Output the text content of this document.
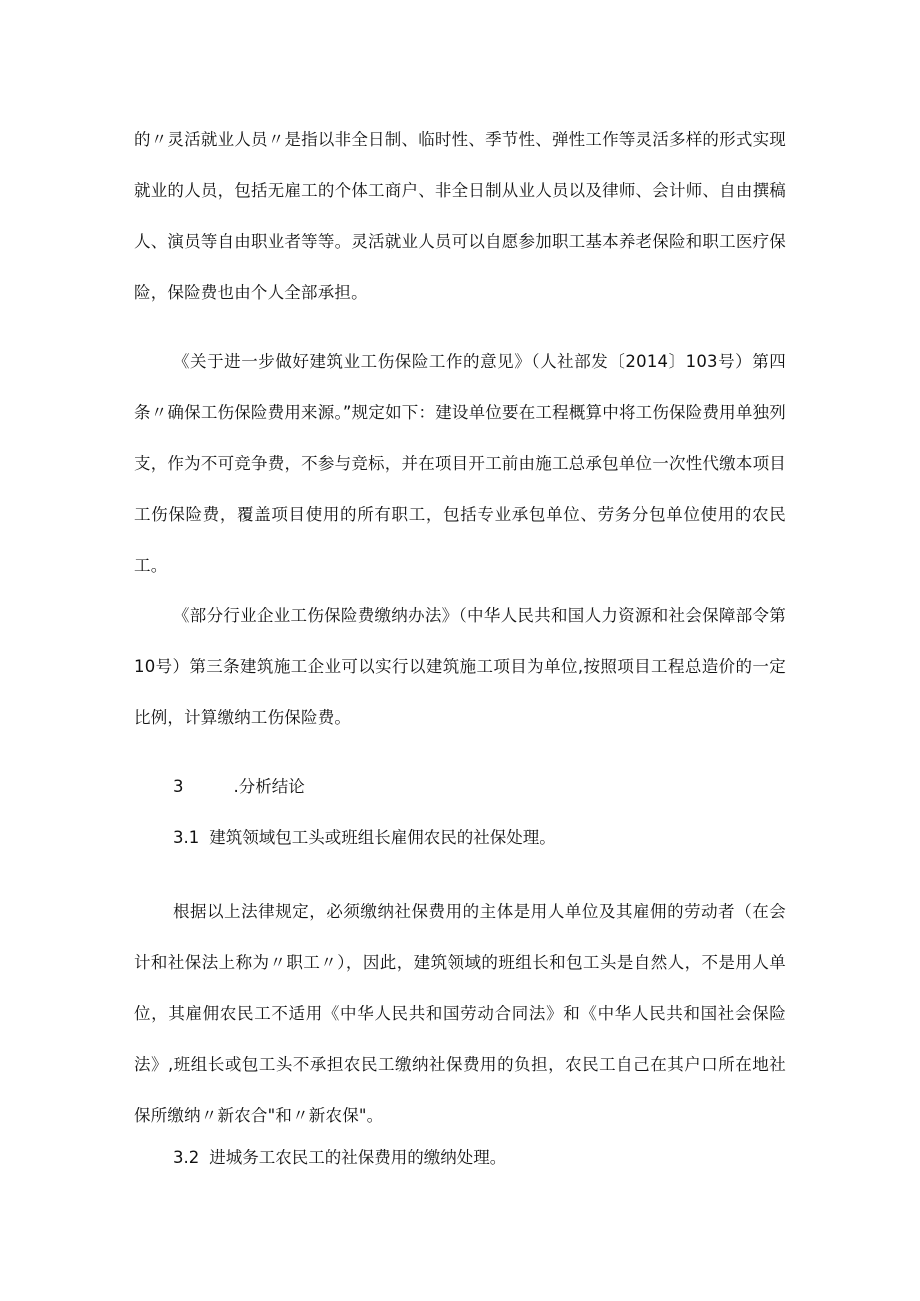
的〃灵活就业人员〃是指以非全日制、临时性、季节性、弹性工作等灵活多样的形式实现就业的人员，包括无雇工的个体工商户、非全日制从业人员以及律师、会计师、自由撰稿人、演员等自由职业者等等。灵活就业人员可以自愿参加职工基本养老保险和职工医疗保险，保险费也由个人全部承担。

《关于进一步做好建筑业工伤保险工作的意见》（人社部发〔2014〕103号）第四条〃确保工伤保险费用来源。”规定如下：建设单位要在工程概算中将工伤保险费用单独列支，作为不可竞争费，不参与竞标，并在项目开工前由施工总承包单位一次性代缴本项目工伤保险费，覆盖项目使用的所有职工，包括专业承包单位、劳务分包单位使用的农民工。

《部分行业企业工伤保险费缴纳办法》（中华人民共和国人力资源和社会保障部令第10号）第三条建筑施工企业可以实行以建筑施工项目为单位,按照项目工程总造价的一定比例，计算缴纳工伤保险费。

3	.分析结论
3.1 建筑领域包工头或班组长雇佣农民的社保处理。

根据以上法律规定，必须缴纳社保费用的主体是用人单位及其雇佣的劳动者（在会计和社保法上称为〃职工〃），因此，建筑领域的班组长和包工头是自然人，不是用人单位，其雇佣农民工不适用《中华人民共和国劳动合同法》和《中华人民共和国社会保险法》,班组长或包工头不承担农民工缴纳社保费用的负担，农民工自己在其户口所在地社保所缴纳〃新农合"和〃新农保"。

3.2 进城务工农民工的社保费用的缴纳处理。
